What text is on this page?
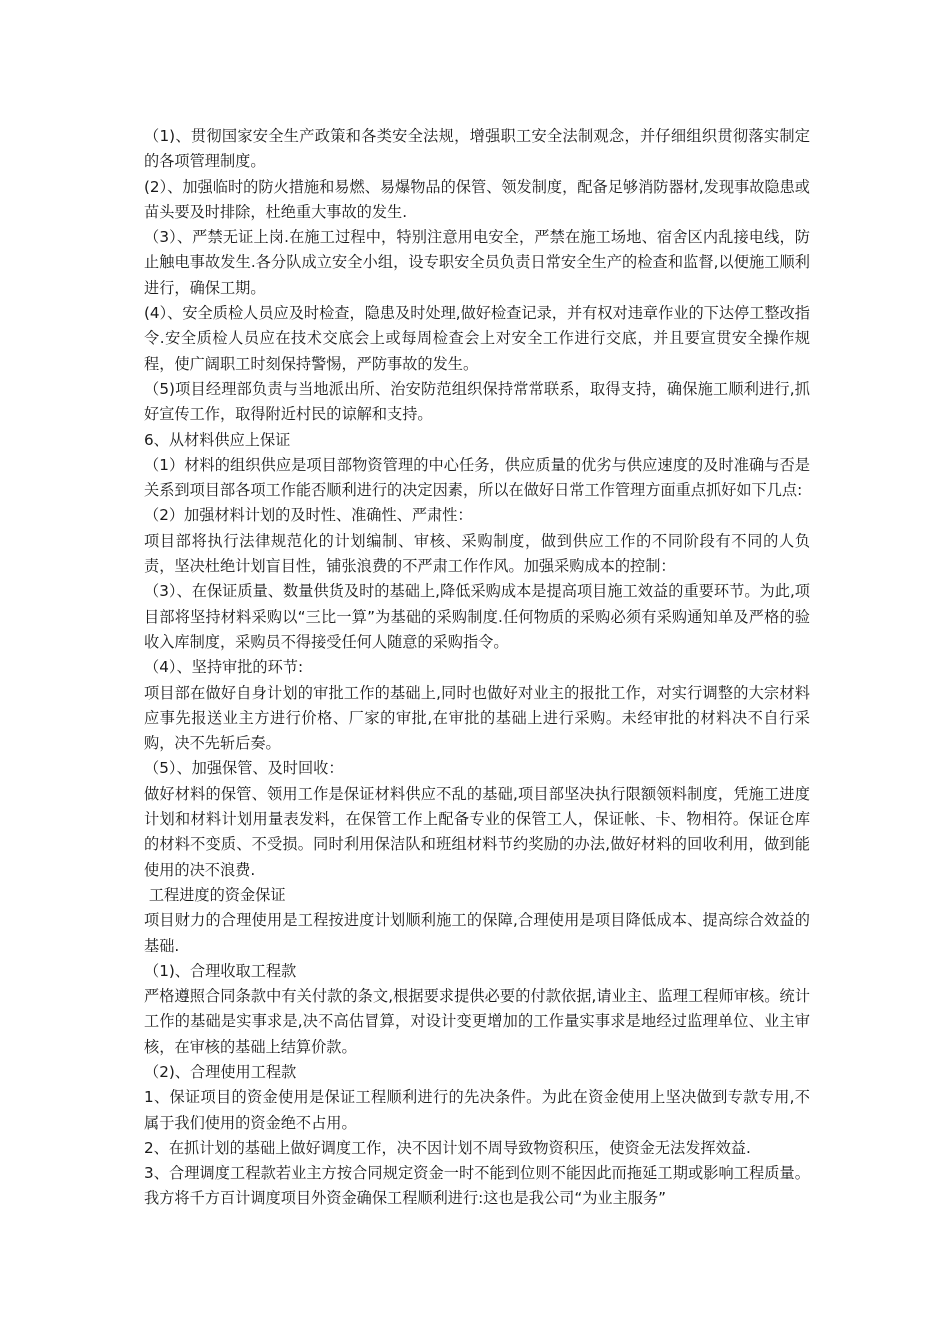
（1)、贯彻国家安全生产政策和各类安全法规，增强职工安全法制观念，并仔细组织贯彻落实制定的各项管理制度。

(2）、加强临时的防火措施和易燃、易爆物品的保管、领发制度，配备足够消防器材,发现事故隐患或苗头要及时排除，杜绝重大事故的发生.

（3）、严禁无证上岗.在施工过程中，特别注意用电安全，严禁在施工场地、宿舍区内乱接电线，防止触电事故发生.各分队成立安全小组，设专职安全员负责日常安全生产的检查和监督,以便施工顺利进行，确保工期。

(4）、安全质检人员应及时检查，隐患及时处理,做好检查记录，并有权对违章作业的下达停工整改指令.安全质检人员应在技术交底会上或每周检查会上对安全工作进行交底，并且要宣贯安全操作规程，使广阔职工时刻保持警惕，严防事故的发生。

（5)项目经理部负责与当地派出所、治安防范组织保持常常联系，取得支持，确保施工顺利进行,抓好宣传工作，取得附近村民的谅解和支持。

6、从材料供应上保证

（1）材料的组织供应是项目部物资管理的中心任务，供应质量的优劣与供应速度的及时准确与否是关系到项目部各项工作能否顺利进行的决定因素，所以在做好日常工作管理方面重点抓好如下几点:

（2）加强材料计划的及时性、准确性、严肃性：

项目部将执行法律规范化的计划编制、审核、采购制度，做到供应工作的不同阶段有不同的人负责，坚决杜绝计划盲目性，铺张浪费的不严肃工作作风。加强采购成本的控制：

（3）、在保证质量、数量供货及时的基础上,降低采购成本是提高项目施工效益的重要环节。为此,项目部将坚持材料采购以“三比一算”为基础的采购制度.任何物质的采购必须有采购通知单及严格的验收入库制度，采购员不得接受任何人随意的采购指令。

（4）、坚持审批的环节:

项目部在做好自身计划的审批工作的基础上,同时也做好对业主的报批工作，对实行调整的大宗材料应事先报送业主方进行价格、厂家的审批,在审批的基础上进行采购。未经审批的材料决不自行采购，决不先斩后奏。

（5）、加强保管、及时回收：

做好材料的保管、领用工作是保证材料供应不乱的基础,项目部坚决执行限额领料制度，凭施工进度计划和材料计划用量表发料，在保管工作上配备专业的保管工人，保证帐、卡、物相符。保证仓库的材料不变质、不受损。同时利用保洁队和班组材料节约奖励的办法,做好材料的回收利用，做到能使用的决不浪费.

工程进度的资金保证

项目财力的合理使用是工程按进度计划顺利施工的保障,合理使用是项目降低成本、提高综合效益的基础.

（1)、合理收取工程款

严格遵照合同条款中有关付款的条文,根据要求提供必要的付款依据,请业主、监理工程师审核。统计工作的基础是实事求是,决不高估冒算，对设计变更增加的工作量实事求是地经过监理单位、业主审核，在审核的基础上结算价款。

（2)、合理使用工程款

1、保证项目的资金使用是保证工程顺利进行的先决条件。为此在资金使用上坚决做到专款专用,不属于我们使用的资金绝不占用。

2、在抓计划的基础上做好调度工作，决不因计划不周导致物资积压，使资金无法发挥效益.

3、合理调度工程款若业主方按合同规定资金一时不能到位则不能因此而拖延工期或影响工程质量。我方将千方百计调度项目外资金确保工程顺利进行:这也是我公司“为业主服务”
